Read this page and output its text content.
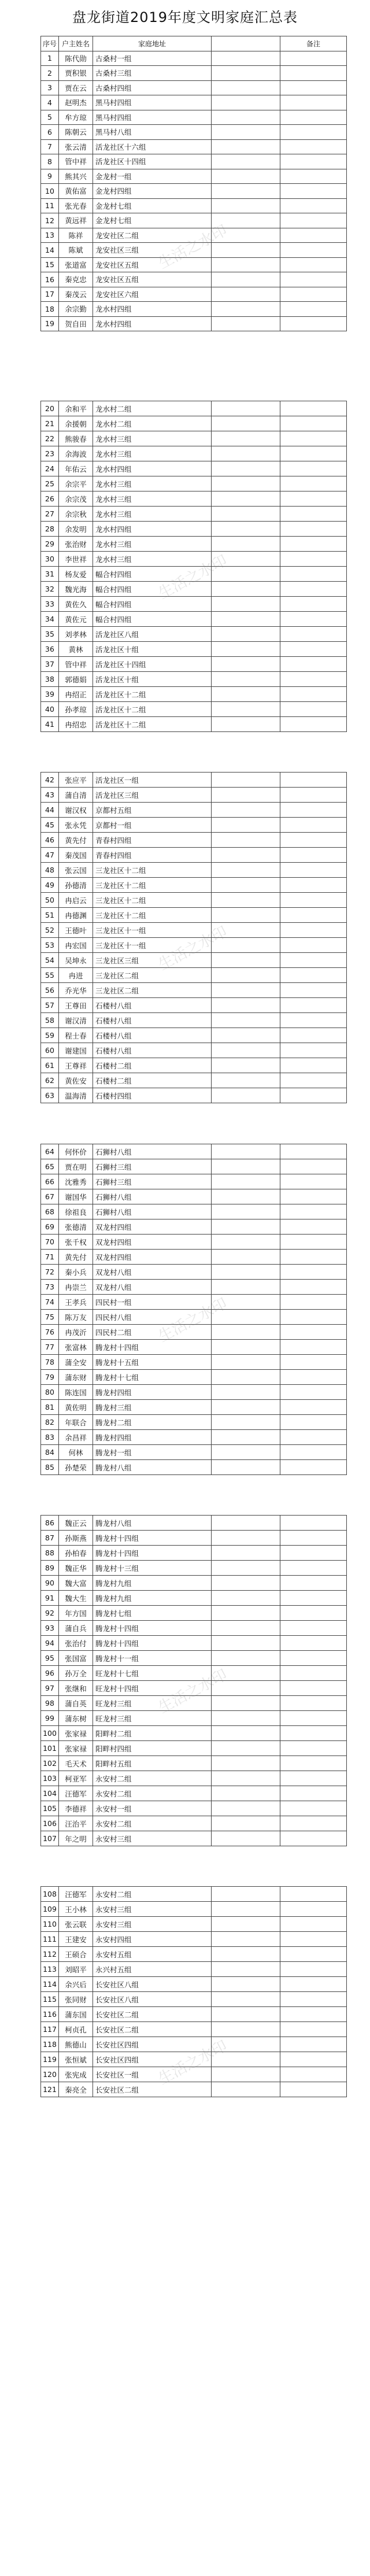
盘龙街道2019年度文明家庭汇总表
序号	户主姓名	家庭地址		备注
1	陈代勋	古桑村一组		
2	贾积银	古桑村三组		
3	贾在云	古桑村四组		
4	赵明杰	黑马村四组		
5	牟方琼	黑马村四组		
6	陈朝云	黑马村八组		
7	张云清	活龙社区十六组		
8	管中祥	活龙社区十四组		
9	熊其兴	金龙村一组		
10	黄佑富	金龙村四组		
11	张光春	金龙村七组		
12	黄远祥	金龙村七组		
13	陈祥	龙安社区二组		
14	陈斌	龙安社区三组		
15	张道富	龙安社区五组		
16	秦克忠	龙安社区五组		
17	秦茂云	龙安社区六组		
18	余宗勤	龙水村四组		
19	贺自田	龙水村四组		
生活之水印
20	余和平	龙水村二组		
21	余援朝	龙水村二组		
22	熊骏春	龙水村三组		
23	余海波	龙水村三组		
24	年佑云	龙水村四组		
25	余宗平	龙水村三组		
26	余宗茂	龙水村三组		
27	余宗秋	龙水村三组		
28	余发明	龙水村四组		
29	张治财	龙水村三组		
30	李世祥	龙水村三组		
31	杨友爱	幅合村四组		
32	魏光海	幅合村四组		
33	黄佐久	幅合村四组		
34	黄佐元	幅合村四组		
35	刘孝林	活龙社区八组		
36	黄林	活龙社区十组		
37	管中祥	活龙社区十四组		
38	郭德娟	活龙社区十组		
39	冉绍正	活龙社区十二组		
40	孙孝琼	活龙社区十二组		
41	冉绍忠	活龙社区十二组		
生活之水印
42	张应平	活龙社区一组		
43	蒲自清	活龙社区三组		
44	谢汉权	京都村五组		
45	张永凭	京都村一组		
46	黄先付	青春村四组		
47	秦茂国	青春村四组		
48	张云国	三龙社区十二组		
49	孙德清	三龙社区十二组		
50	冉启云	三龙社区十二组		
51	冉德渊	三龙社区十二组		
52	王德叶	三龙社区十一组		
53	冉宏国	三龙社区十一组		
54	吴坤永	三龙社区三组		
55	冉进	三龙社区二组		
56	乔光华	三龙社区二组		
57	王尊田	石楼村八组		
58	谢汉清	石楼村八组		
59	程士春	石楼村八组		
60	谢建国	石楼村八组		
61	王尊祥	石楼村二组		
62	黄佐安	石楼村二组		
63	温海清	石楼村四组		
生活之水印
64	何怀价	石狮村八组		
65	贾在明	石狮村三组		
66	沈雅秀	石狮村三组		
67	谢国华	石狮村八组		
68	徐祖良	石狮村八组		
69	张德清	双龙村四组		
70	张千权	双龙村四组		
71	黄先付	双龙村四组		
72	秦小兵	双龙村八组		
73	冉崇兰	双龙村八组		
74	王孝兵	四民村一组		
75	陈万友	四民村八组		
76	冉茂沂	四民村二组		
77	张富林	腾龙村十四组		
78	蒲全安	腾龙村十五组		
79	蒲东财	腾龙村十七组		
80	陈连国	腾龙村四组		
81	黄佐明	腾龙村三组		
82	年联合	腾龙村二组		
83	余昌祥	腾龙村四组		
84	何林	腾龙村一组		
85	孙楚荣	腾龙村八组		
生活之水印
86	魏正云	腾龙村八组		
87	孙斯燕	腾龙村十四组		
88	孙柏春	腾龙村十四组		
89	魏正华	腾龙村十三组		
90	魏大富	腾龙村九组		
91	魏大生	腾龙村九组		
92	年方国	腾龙村七组		
93	蒲自兵	腾龙村十四组		
94	张治付	腾龙村十四组		
95	张国富	腾龙村十一组		
96	孙万全	旺龙村十七组		
97	张继和	旺龙村十四组		
98	蒲自英	旺龙村三组		
99	蒲东树	旺龙村三组		
100	张家禄	阳畔村二组		
101	张家禄	阳畔村四组		
102	毛天术	阳畔村五组		
103	柯亚军	永安村二组		
104	汪德军	永安村二组		
105	李德祥	永安村一组		
106	汪治平	永安村二组		
107	年之明	永安村三组		
生活之水印
108	汪德军	永安村二组		
109	王小林	永安村三组		
110	张云联	永安村三组		
111	王建安	永安村四组		
112	王硕合	永安村五组		
113	刘昭平	永兴村五组		
114	余兴后	长安社区八组		
115	张同财	长安社区八组		
116	蒲东国	长安社区二组		
117	柯贞孔	长安社区二组		
118	熊德山	长安社区四组		
119	张恒斌	长安社区四组		
120	张宪成	长安社区一组		
121	秦亮全	长安社区二组		
生活之水印
